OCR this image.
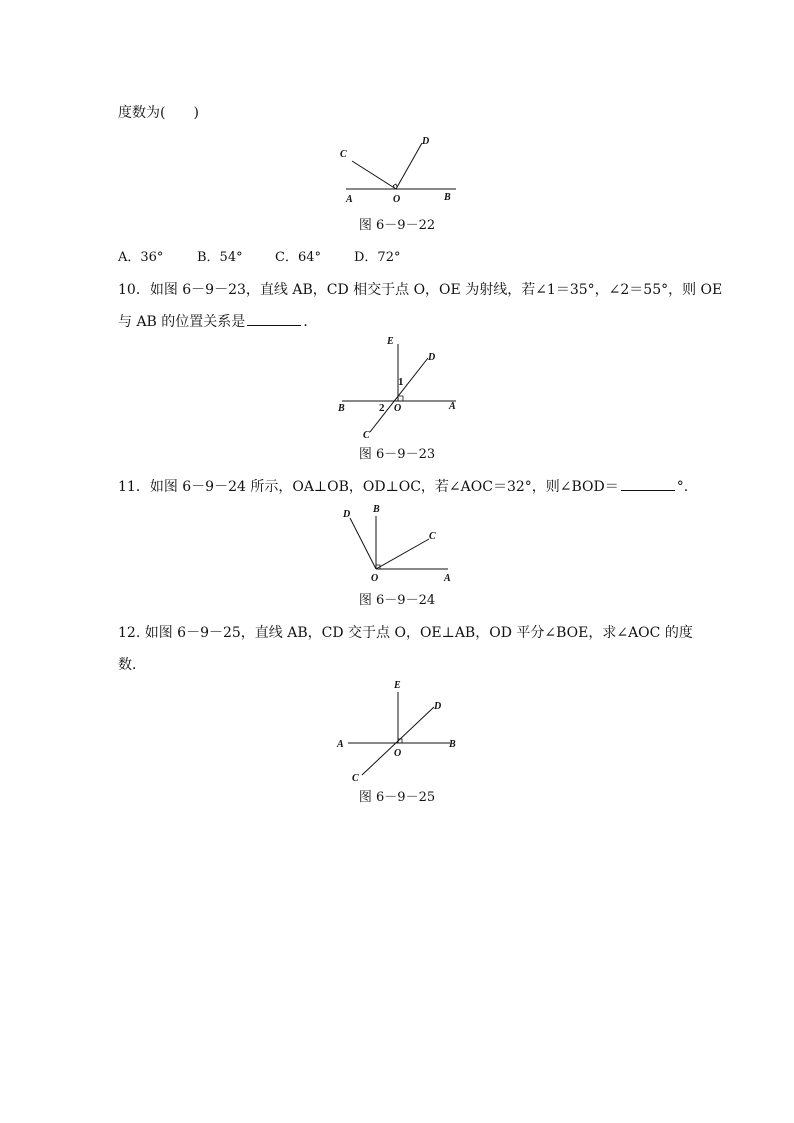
度数为(　　)
C
D
A	O	B
图 6－9－22
A．36°	B．54° C．64°	D．72°
10．如图 6－9－23，直线 AB，CD 相交于点 O，OE 为射线，若∠1＝35°，∠2＝55°，则 OE
与 AB 的位置关系是	．
E
D
1
B	2 O	A
C
图 6－9－23
11．如图 6－9－24 所示，OA⊥OB，OD⊥OC，若∠AOC＝32°，则∠BOD＝	°.
D B
C
O	A
图 6－9－24
12. 如图 6－9－25，直线 AB，CD 交于点 O，OE⊥AB，OD 平分∠BOE，求∠AOC 的度
数．
E
D
A
O
B
C
图 6－9－25
